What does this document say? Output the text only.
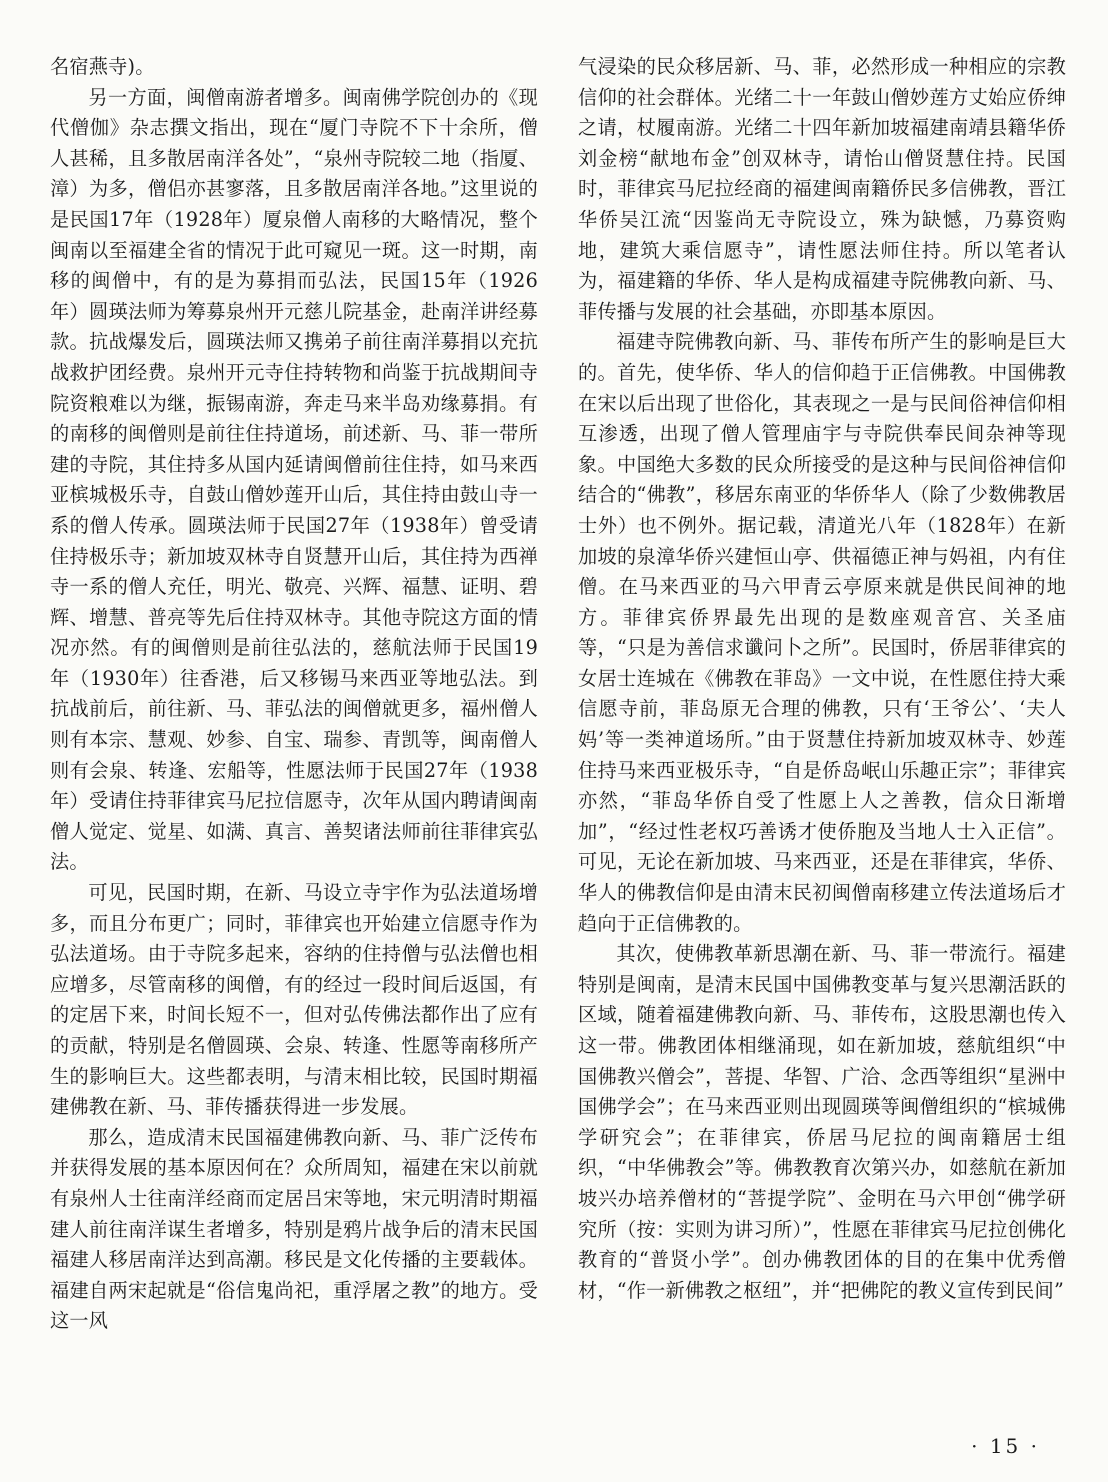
名宿燕寺)。

另一方面，闽僧南游者增多。闽南佛学院创办的《现代僧伽》杂志撰文指出，现在“厦门寺院不下十余所，僧人甚稀，且多散居南洋各处”，“泉州寺院较二地（指厦、漳）为多，僧侣亦甚寥落，且多散居南洋各地。”这里说的是民国17年（1928年）厦泉僧人南移的大略情况，整个闽南以至福建全省的情况于此可窥见一斑。这一时期，南移的闽僧中，有的是为募捐而弘法，民国15年（1926年）圆瑛法师为筹募泉州开元慈儿院基金，赴南洋讲经募款。抗战爆发后，圆瑛法师又携弟子前往南洋募捐以充抗战救护团经费。泉州开元寺住持转物和尚鉴于抗战期间寺院资粮难以为继，振锡南游，奔走马来半岛劝缘募捐。有的南移的闽僧则是前往住持道场，前述新、马、菲一带所建的寺院，其住持多从国内延请闽僧前往住持，如马来西亚槟城极乐寺，自鼓山僧妙莲开山后，其住持由鼓山寺一系的僧人传承。圆瑛法师于民国27年（1938年）曾受请住持极乐寺；新加坡双林寺自贤慧开山后，其住持为西禅寺一系的僧人充任，明光、敬亮、兴辉、福慧、证明、碧辉、增慧、普亮等先后住持双林寺。其他寺院这方面的情况亦然。有的闽僧则是前往弘法的，慈航法师于民国19年（1930年）往香港，后又移锡马来西亚等地弘法。到抗战前后，前往新、马、菲弘法的闽僧就更多，福州僧人则有本宗、慧观、妙参、自宝、瑞参、青凯等，闽南僧人则有会泉、转逢、宏船等，性愿法师于民国27年（1938年）受请住持菲律宾马尼拉信愿寺，次年从国内聘请闽南僧人觉定、觉星、如满、真言、善契诸法师前往菲律宾弘法。

可见，民国时期，在新、马设立寺宇作为弘法道场增多，而且分布更广；同时，菲律宾也开始建立信愿寺作为弘法道场。由于寺院多起来，容纳的住持僧与弘法僧也相应增多，尽管南移的闽僧，有的经过一段时间后返国，有的定居下来，时间长短不一，但对弘传佛法都作出了应有的贡献，特别是名僧圆瑛、会泉、转逢、性愿等南移所产生的影响巨大。这些都表明，与清末相比较，民国时期福建佛教在新、马、菲传播获得进一步发展。

那么，造成清末民国福建佛教向新、马、菲广泛传布并获得发展的基本原因何在？众所周知，福建在宋以前就有泉州人士往南洋经商而定居吕宋等地，宋元明清时期福建人前往南洋谋生者增多，特别是鸦片战争后的清末民国福建人移居南洋达到高潮。移民是文化传播的主要载体。福建自两宋起就是“俗信鬼尚祀，重浮屠之教”的地方。受这一风

气浸染的民众移居新、马、菲，必然形成一种相应的宗教信仰的社会群体。光绪二十一年鼓山僧妙莲方丈始应侨绅之请，杖履南游。光绪二十四年新加坡福建南靖县籍华侨刘金榜“献地布金”创双林寺，请怡山僧贤慧住持。民国时，菲律宾马尼拉经商的福建闽南籍侨民多信佛教，晋江华侨吴江流“因鉴尚无寺院设立，殊为缺憾，乃募资购地，建筑大乘信愿寺”，请性愿法师住持。所以笔者认为，福建籍的华侨、华人是构成福建寺院佛教向新、马、菲传播与发展的社会基础，亦即基本原因。

福建寺院佛教向新、马、菲传布所产生的影响是巨大的。首先，使华侨、华人的信仰趋于正信佛教。中国佛教在宋以后出现了世俗化，其表现之一是与民间俗神信仰相互渗透，出现了僧人管理庙宇与寺院供奉民间杂神等现象。中国绝大多数的民众所接受的是这种与民间俗神信仰结合的“佛教”，移居东南亚的华侨华人（除了少数佛教居士外）也不例外。据记载，清道光八年（1828年）在新加坡的泉漳华侨兴建恒山亭、供福德正神与妈祖，内有住僧。在马来西亚的马六甲青云亭原来就是供民间神的地方。菲律宾侨界最先出现的是数座观音宫、关圣庙等，“只是为善信求谶问卜之所”。民国时，侨居菲律宾的女居士连城在《佛教在菲岛》一文中说，在性愿住持大乘信愿寺前，菲岛原无合理的佛教，只有‘王爷公’、‘夫人妈’等一类神道场所。”由于贤慧住持新加坡双林寺、妙莲住持马来西亚极乐寺，“自是侨岛岷山乐趣正宗”；菲律宾亦然，“菲岛华侨自受了性愿上人之善教，信众日渐增加”，“经过性老权巧善诱才使侨胞及当地人士入正信”。可见，无论在新加坡、马来西亚，还是在菲律宾，华侨、华人的佛教信仰是由清末民初闽僧南移建立传法道场后才趋向于正信佛教的。

其次，使佛教革新思潮在新、马、菲一带流行。福建特别是闽南，是清末民国中国佛教变革与复兴思潮活跃的区域，随着福建佛教向新、马、菲传布，这股思潮也传入这一带。佛教团体相继涌现，如在新加坡，慈航组织“中国佛教兴僧会”，菩提、华智、广洽、念西等组织“星洲中国佛学会”；在马来西亚则出现圆瑛等闽僧组织的“槟城佛学研究会”；在菲律宾，侨居马尼拉的闽南籍居士组织，“中华佛教会”等。佛教教育次第兴办，如慈航在新加坡兴办培养僧材的“菩提学院”、金明在马六甲创“佛学研究所（按：实则为讲习所）”，性愿在菲律宾马尼拉创佛化教育的“普贤小学”。创办佛教团体的目的在集中优秀僧材，“作一新佛教之枢纽”，并“把佛陀的教义宣传到民间”

· 15 ·
